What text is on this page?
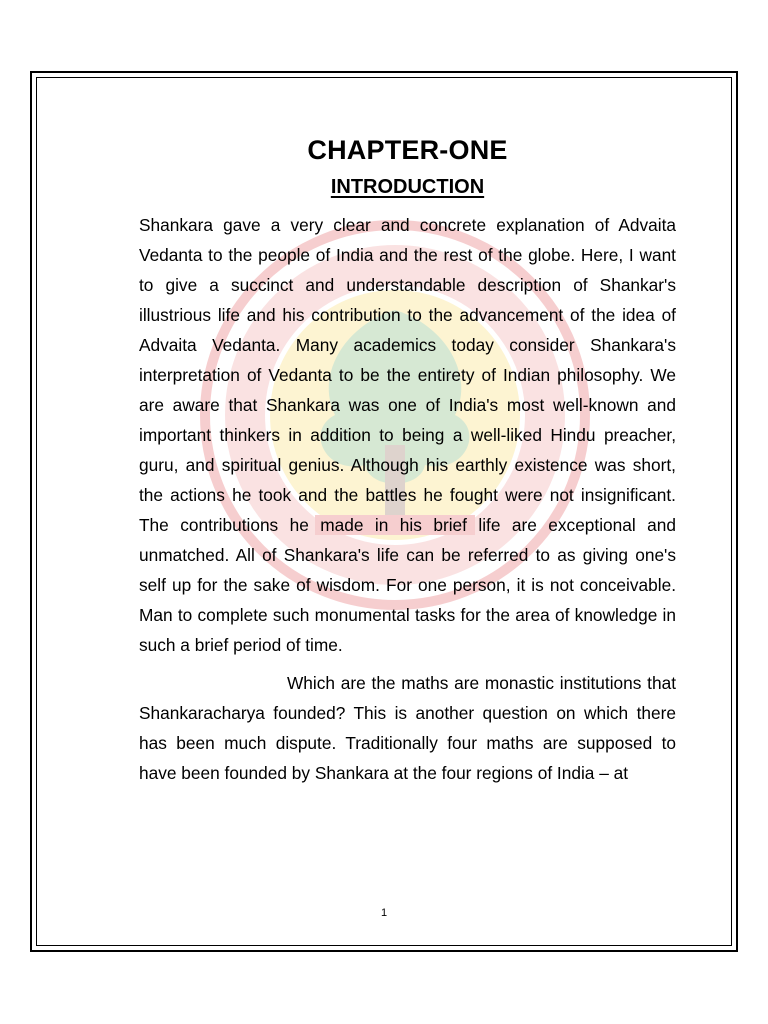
CHAPTER-ONE
INTRODUCTION

Shankara gave a very clear and concrete explanation of Advaita Vedanta to the people of India and the rest of the globe. Here, I want to give a succinct and understandable description of Shankar's illustrious life and his contribution to the advancement of the idea of Advaita Vedanta. Many academics today consider Shankara's interpretation of Vedanta to be the entirety of Indian philosophy. We are aware that Shankara was one of India's most well-known and important thinkers in addition to being a well-liked Hindu preacher, guru, and spiritual genius. Although his earthly existence was short, the actions he took and the battles he fought were not insignificant. The contributions he made in his brief life are exceptional and unmatched. All of Shankara's life can be referred to as giving one's self up for the sake of wisdom. For one person, it is not conceivable. Man to complete such monumental tasks for the area of knowledge in such a brief period of time.

Which are the maths are monastic institutions that Shankaracharya founded? This is another question on which there has been much dispute. Traditionally four maths are supposed to have been founded by Shankara at the four regions of India – at

1
